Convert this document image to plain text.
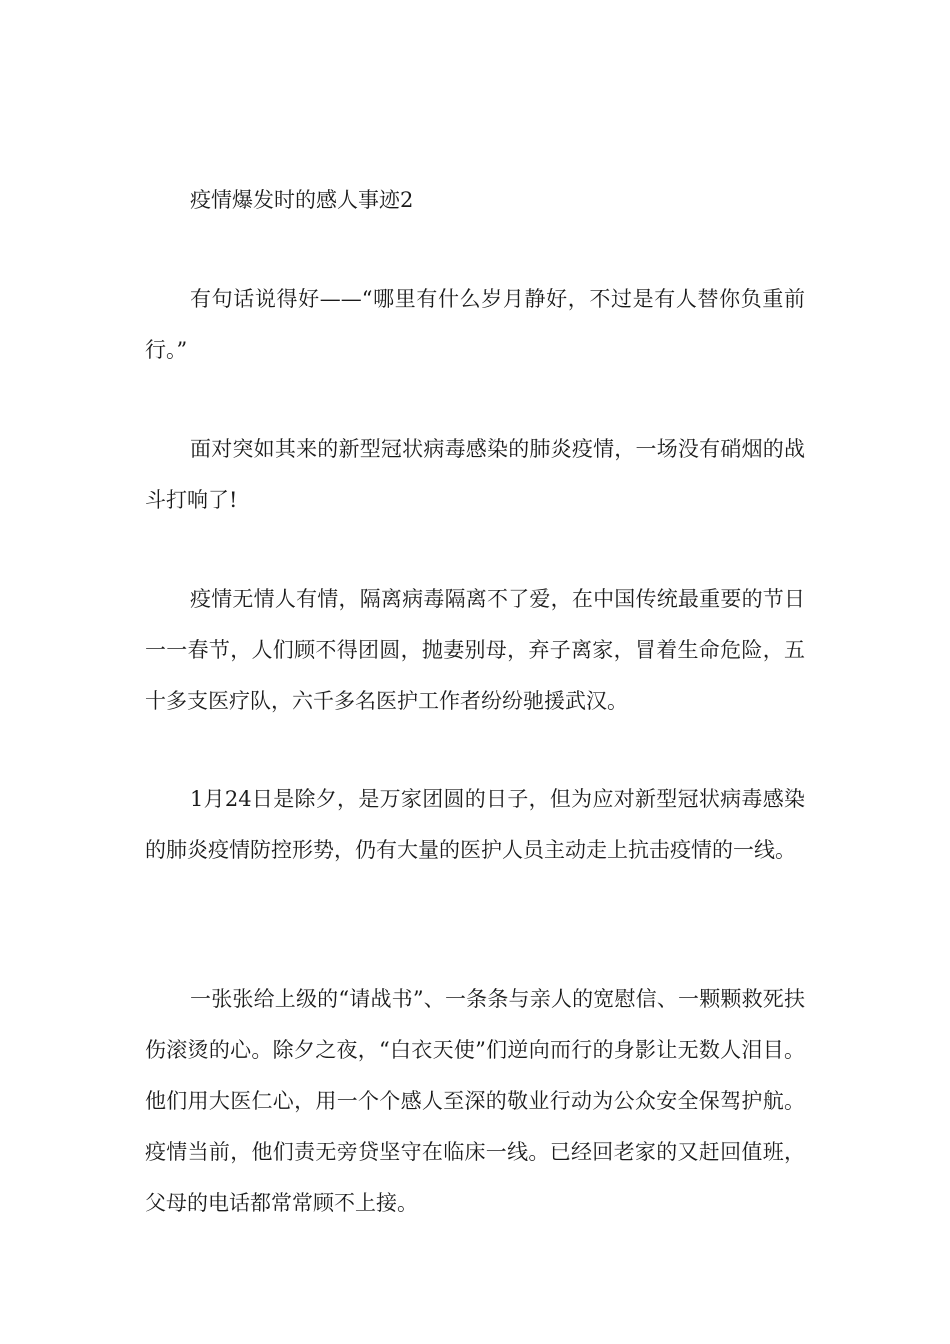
疫情爆发时的感人事迹2

有句话说得好——“哪里有什么岁月静好，不过是有人替你负重前行。”

面对突如其来的新型冠状病毒感染的肺炎疫情，一场没有硝烟的战斗打响了!

疫情无情人有情，隔离病毒隔离不了爱，在中国传统最重要的节日一一春节，人们顾不得团圆，抛妻别母，弃子离家，冒着生命危险，五十多支医疗队，六千多名医护工作者纷纷驰援武汉。

1月24日是除夕，是万家团圆的日子，但为应对新型冠状病毒感染的肺炎疫情防控形势，仍有大量的医护人员主动走上抗击疫情的一线。

一张张给上级的“请战书”、一条条与亲人的宽慰信、一颗颗救死扶伤滚烫的心。除夕之夜，“白衣天使”们逆向而行的身影让无数人泪目。他们用大医仁心，用一个个感人至深的敬业行动为公众安全保驾护航。疫情当前，他们责无旁贷坚守在临床一线。已经回老家的又赶回值班，父母的电话都常常顾不上接。
